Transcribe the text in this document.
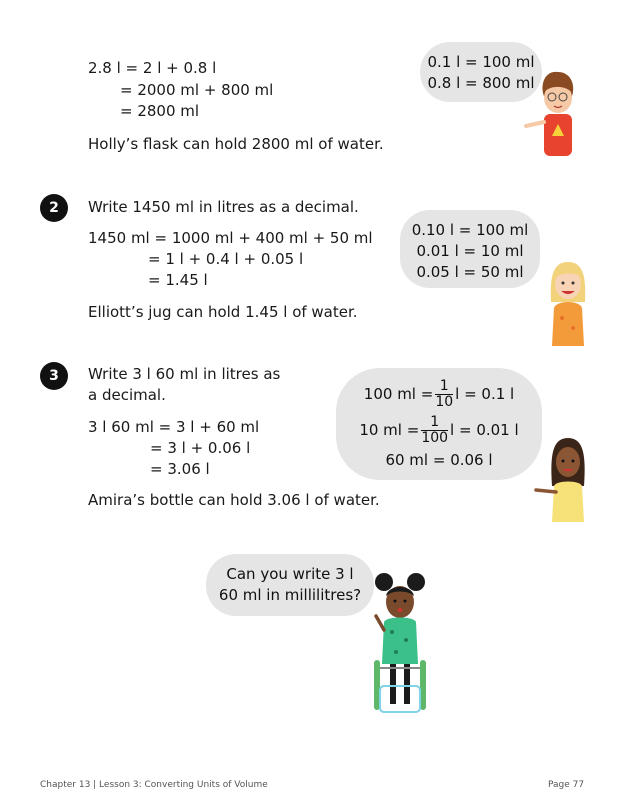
2.8 l = 2 l + 0.8 l
= 2000 ml + 800 ml
= 2800 ml
Holly’s flask can hold 2800 ml of water.
0.1 l = 100 ml
0.8 l = 800 ml
2	Write 1450 ml in litres as a decimal.
1450 ml = 1000 ml + 400 ml + 50 ml
= 1 l + 0.4 l + 0.05 l
= 1.45 l
Elliott’s jug can hold 1.45 l of water.
0.10 l = 100 ml
0.01 l = 10 ml
0.05 l = 50 ml
3	Write 3 l 60 ml in litres as
a decimal.
3 l 60 ml = 3 l + 60 ml
= 3 l + 0.06 l
= 3.06 l
Amira’s bottle can hold 3.06 l of water.
100 ml = $\frac{1}{10}$ l = 0.1 l
10 ml = $\frac{1}{100}$ l = 0.01 l
60 ml = 0.06 l
Can you write 3 l
60 ml in millilitres?
Chapter 13 | Lesson 3: Converting Units of Volume	Page 77
